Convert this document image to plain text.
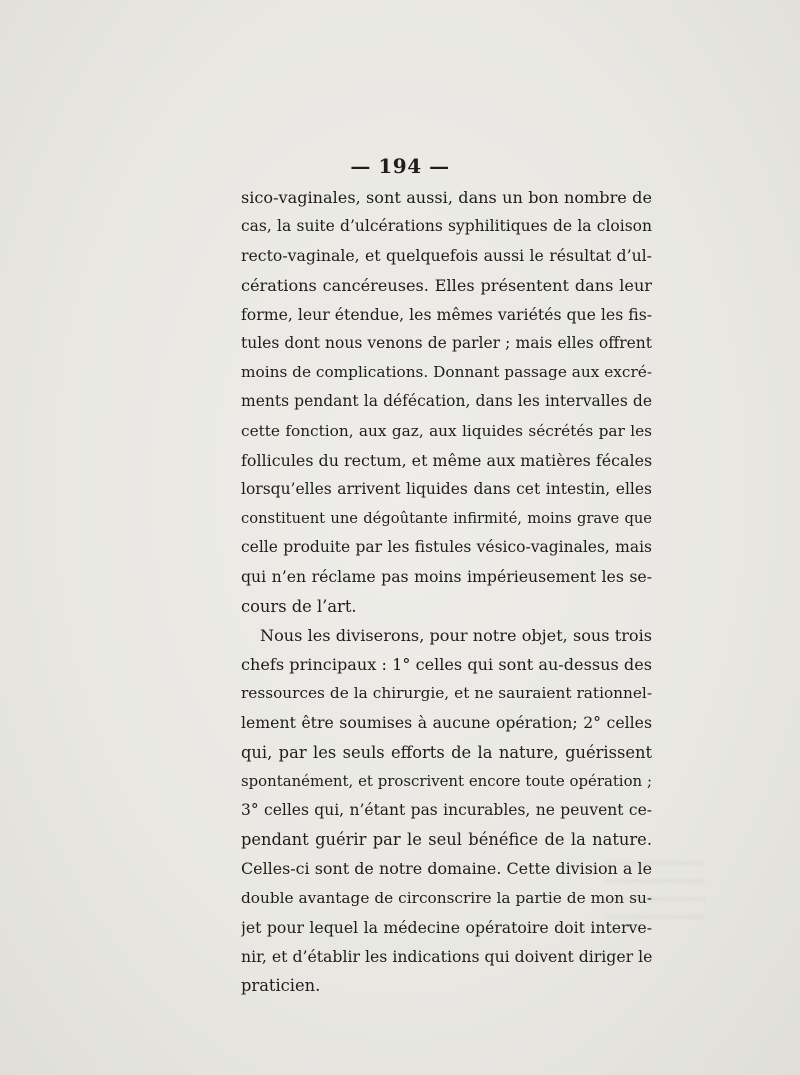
— 194 —
sico-vaginales, sont aussi, dans un bon nombre de
cas, la suite d’ulcérations syphilitiques de la cloison
recto-vaginale, et quelquefois aussi le résultat d’ul-
cérations cancéreuses. Elles présentent dans leur
forme, leur étendue, les mêmes variétés que les fis-
tules dont nous venons de parler ; mais elles offrent
moins de complications. Donnant passage aux excré-
ments pendant la défécation, dans les intervalles de
cette fonction, aux gaz, aux liquides sécrétés par les
follicules du rectum, et même aux matières fécales
lorsqu’elles arrivent liquides dans cet intestin, elles
constituent une dégoûtante infirmité, moins grave que
celle produite par les fistules vésico-vaginales, mais
qui n’en réclame pas moins impérieusement les se-
cours de l’art.
Nous les diviserons, pour notre objet, sous trois
chefs principaux : 1° celles qui sont au-dessus des
ressources de la chirurgie, et ne sauraient rationnel-
lement être soumises à aucune opération; 2° celles
qui, par les seuls efforts de la nature, guérissent
spontanément, et proscrivent encore toute opération ;
3° celles qui, n’étant pas incurables, ne peuvent ce-
pendant guérir par le seul bénéfice de la nature.
Celles-ci sont de notre domaine. Cette division a le
double avantage de circonscrire la partie de mon su-
jet pour lequel la médecine opératoire doit interve-
nir, et d’établir les indications qui doivent diriger le
praticien.
